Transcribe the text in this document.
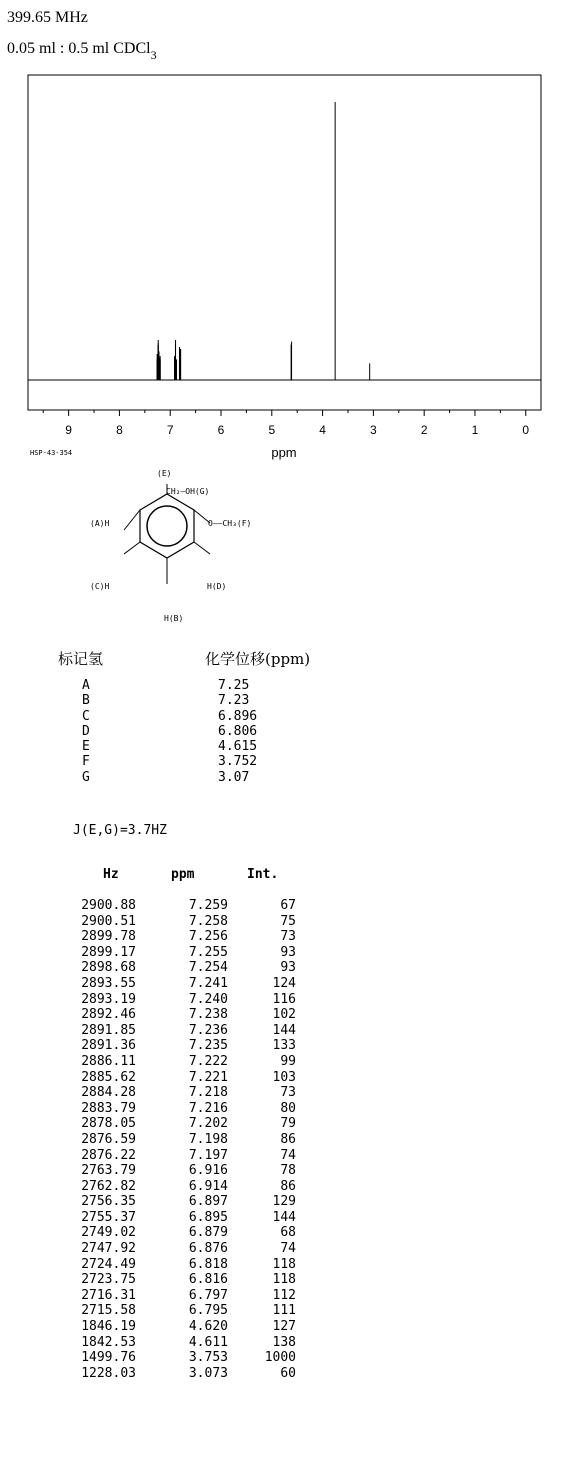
399.65 MHz
0.05 ml : 0.5 ml CDCl$_3$
9	8	7	6	5	4	3	2	1	0
ppm
HSP-43-354
(E)
CH₂—OH(G)
(A)H	O——CH₃(F)
(C)H	H(D)
H(B)
标记氢	化学位移(ppm)
A	7.25
B	7.23
C	6.896
D	6.806
E	4.615
F	3.752
G	3.07
J(E,G)=3.7HZ
Hz	ppm	Int.
2900.88	7.259	67
2900.51	7.258	75
2899.78	7.256	73
2899.17	7.255	93
2898.68	7.254	93
2893.55	7.241	124
2893.19	7.240	116
2892.46	7.238	102
2891.85	7.236	144
2891.36	7.235	133
2886.11	7.222	99
2885.62	7.221	103
2884.28	7.218	73
2883.79	7.216	80
2878.05	7.202	79
2876.59	7.198	86
2876.22	7.197	74
2763.79	6.916	78
2762.82	6.914	86
2756.35	6.897	129
2755.37	6.895	144
2749.02	6.879	68
2747.92	6.876	74
2724.49	6.818	118
2723.75	6.816	118
2716.31	6.797	112
2715.58	6.795	111
1846.19	4.620	127
1842.53	4.611	138
1499.76	3.753	1000
1228.03	3.073	60
